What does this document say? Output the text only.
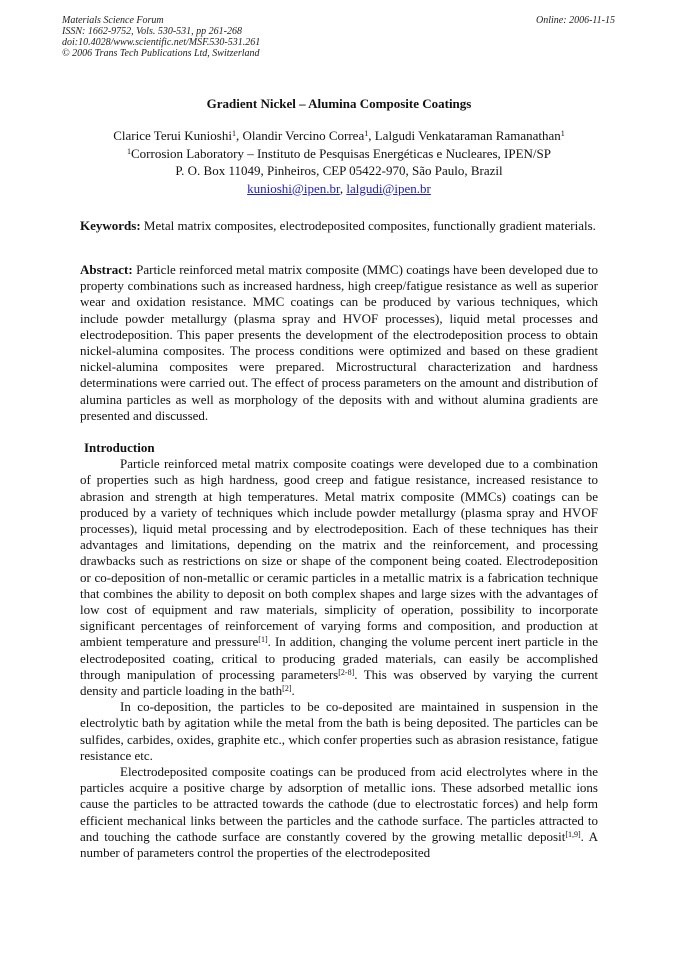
Materials Science Forum
ISSN: 1662-9752, Vols. 530-531, pp 261-268
doi:10.4028/www.scientific.net/MSF.530-531.261
© 2006 Trans Tech Publications Ltd, Switzerland
Online: 2006-11-15
Gradient Nickel – Alumina Composite Coatings
Clarice Terui Kunioshi$^1$, Olandir Vercino Correa$^1$, Lalgudi Venkataraman Ramanathan$^1$
$^1$Corrosion Laboratory – Instituto de Pesquisas Energéticas e Nucleares, IPEN/SP
P. O. Box 11049, Pinheiros, CEP 05422-970, São Paulo, Brazil
kunioshi@ipen.br, lalgudi@ipen.br
Keywords: Metal matrix composites, electrodeposited composites, functionally gradient materials.
Abstract: Particle reinforced metal matrix composite (MMC) coatings have been developed due to property combinations such as increased hardness, high creep/fatigue resistance as well as superior wear and oxidation resistance. MMC coatings can be produced by various techniques, which include powder metallurgy (plasma spray and HVOF processes), liquid metal processes and electrodeposition. This paper presents the development of the electrodeposition process to obtain nickel-alumina composites. The process conditions were optimized and based on these gradient nickel-alumina composites were prepared. Microstructural characterization and hardness determinations were carried out. The effect of process parameters on the amount and distribution of alumina particles as well as morphology of the deposits with and without alumina gradients are presented and discussed.
Introduction

Particle reinforced metal matrix composite coatings were developed due to a combination of properties such as high hardness, good creep and fatigue resistance, increased resistance to abrasion and strength at high temperatures. Metal matrix composite (MMCs) coatings can be produced by a variety of techniques which include powder metallurgy (plasma spray and HVOF processes), liquid metal processing and by electrodeposition. Each of these techniques has their advantages and limitations, depending on the matrix and the reinforcement, and processing drawbacks such as restrictions on size or shape of the component being coated. Electrodeposition or co-deposition of non-metallic or ceramic particles in a metallic matrix is a fabrication technique that combines the ability to deposit on both complex shapes and large sizes with the advantages of low cost of equipment and raw materials, simplicity of operation, possibility to incorporate significant percentages of reinforcement of varying forms and composition, and production at ambient temperature and pressure[1]. In addition, changing the volume percent inert particle in the electrodeposited coating, critical to producing graded materials, can easily be accomplished through manipulation of processing parameters[2-8]. This was observed by varying the current density and particle loading in the bath[2].

In co-deposition, the particles to be co-deposited are maintained in suspension in the electrolytic bath by agitation while the metal from the bath is being deposited. The particles can be sulfides, carbides, oxides, graphite etc., which confer properties such as abrasion resistance, fatigue resistance etc.

Electrodeposited composite coatings can be produced from acid electrolytes where in the particles acquire a positive charge by adsorption of metallic ions. These adsorbed metallic ions cause the particles to be attracted towards the cathode (due to electrostatic forces) and help form efficient mechanical links between the particles and the cathode surface. The particles attracted to and touching the cathode surface are constantly covered by the growing metallic deposit[1,9]. A number of parameters control the properties of the electrodeposited
